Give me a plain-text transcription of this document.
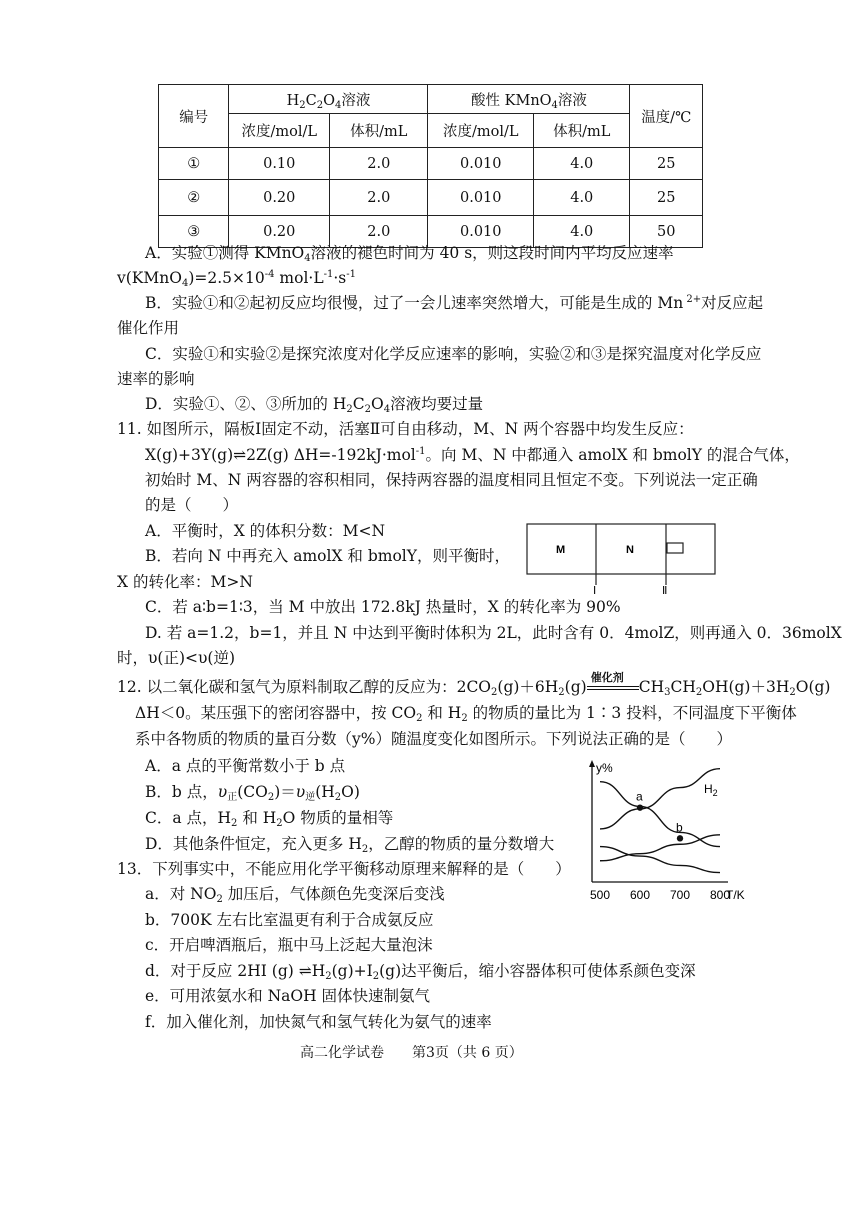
编号	$H_2C_2O_4$溶液		酸性 KMnO$_4$溶液		温度/℃
	浓度/mol/L	体积/mL	浓度/mol/L	体积/mL	
①	0.10	2.0	0.010	4.0	25
②	0.20	2.0	0.010	4.0	25
③	0.20	2.0	0.010	4.0	50
A．实验①测得 KMnO$_4$溶液的褪色时间为 40 s，则这段时间内平均反应速率
$v(KMnO_4)=2.5\times 10^{-4}$ $mol\cdot L^{-1}\cdot s^{-1}$
B．实验①和②起初反应均很慢，过了一会儿速率突然增大，可能是生成的 Mn $^{2+}$对反应起
催化作用
C．实验①和实验②是探究浓度对化学反应速率的影响，实验②和③是探究温度对化学反应
速率的影响
D．实验①、②、③所加的 $H_2C_2O_4$溶液均要过量
11. 如图所示，隔板Ⅰ固定不动，活塞Ⅱ可自由移动，M、N 两个容器中均发生反应：
X(g)+3Y(g)⇌2Z(g) ΔH=-192kJ·mol$^{-1}$。向 M、N 中都通入 amolX 和 bmolY 的混合气体，
初始时 M、N 两容器的容积相同，保持两容器的温度相同且恒定不变。下列说法一定正确
的是（　　）
A．平衡时，X 的体积分数：M<N
B．若向 N 中再充入 amolX 和 bmolY，则平衡时，
X 的转化率：M>N
C．若 a∶b=1∶3，当 M 中放出 172.8kJ 热量时，X 的转化率为 90%
D. 若 a=1.2，b=1，并且 N 中达到平衡时体积为 2L，此时含有 0．4molZ，则再通入 0．36molX
时，υ(正)<υ(逆)
M	N
Ⅰ	Ⅱ
12. 以二氧化碳和氢气为原料制取乙醇的反应为：$2CO_2(g)+6H_2(g)$
催化剂
$CH_3CH_2OH(g)+3H_2O(g)$
ΔH＜0。某压强下的密闭容器中，按 $CO_2$ 和 $H_2$ 的物质的量比为 1∶3 投料，不同温度下平衡体
系中各物质的物质的量百分数（y%）随温度变化如图所示。下列说法正确的是（　　）
A．a 点的平衡常数小于 b 点
B．b 点，$\upsilon_正(CO_2)=\upsilon_逆(H_2O)$
C．a 点，$H_2$ 和 $H_2O$ 物质的量相等
D．其他条件恒定，充入更多 $H_2$，乙醇的物质的量分数增大
y%
T/K
$H_2$
a
b
500 600 700 800
13．下列事实中，不能应用化学平衡移动原理来解释的是（　　）
a．对 $NO_2$ 加压后，气体颜色先变深后变浅
b．700K 左右比室温更有利于合成氨反应
c．开启啤酒瓶后，瓶中马上泛起大量泡沫
d．对于反应 2HI (g) $\rightleftharpoons H_2(g)+I_2(g)$达平衡后，缩小容器体积可使体系颜色变深
e．可用浓氨水和 NaOH 固体快速制氨气
f．加入催化剂，加快氮气和氢气转化为氨气的速率
高二化学试卷　　第3页（共 6 页）
